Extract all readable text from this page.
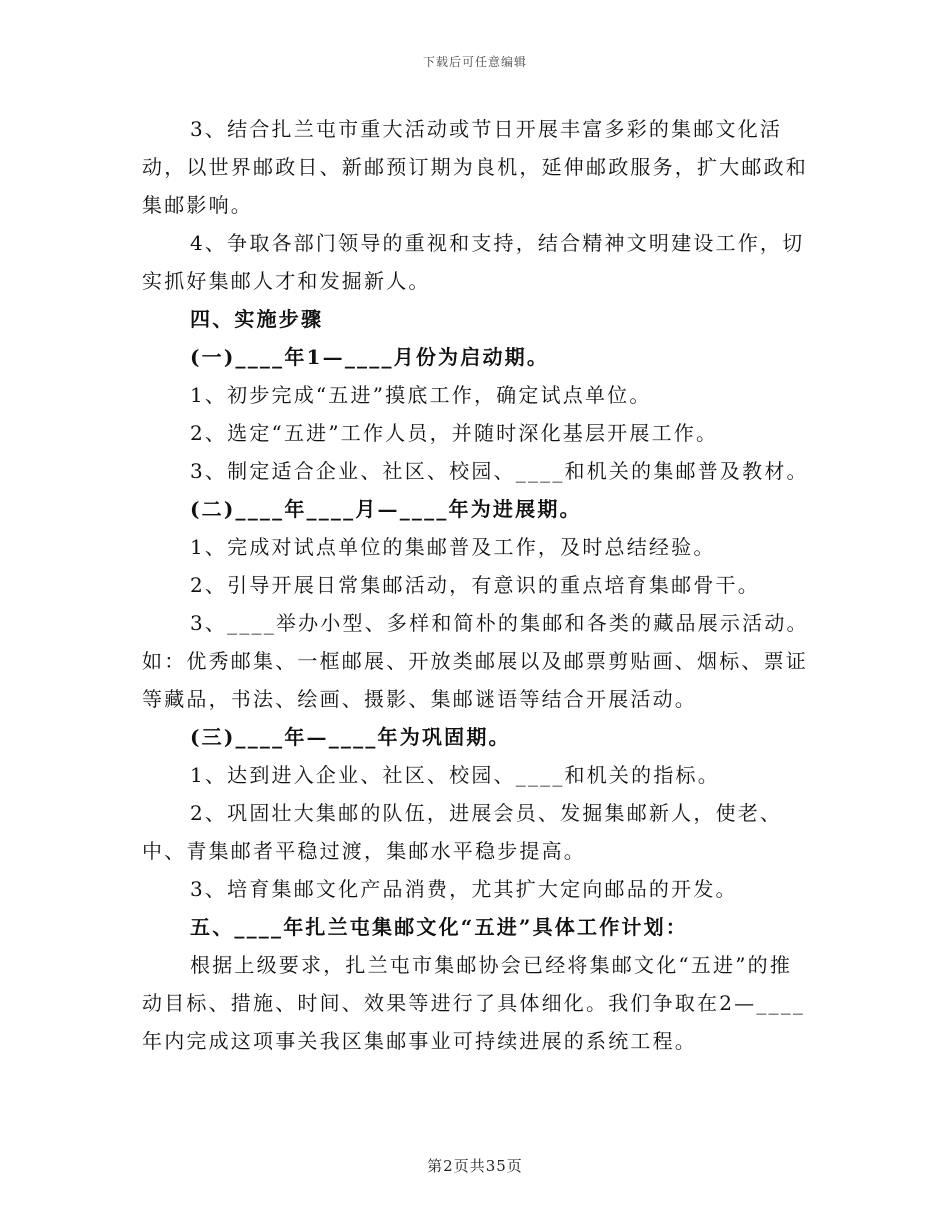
下载后可任意编辑

3、结合扎兰屯市重大活动或节日开展丰富多彩的集邮文化活动，以世界邮政日、新邮预订期为良机，延伸邮政服务，扩大邮政和集邮影响。

4、争取各部门领导的重视和支持，结合精神文明建设工作，切实抓好集邮人才和发掘新人。

四、实施步骤

(一)____年1—____月份为启动期。

1、初步完成“五进”摸底工作，确定试点单位。

2、选定“五进”工作人员，并随时深化基层开展工作。

3、制定适合企业、社区、校园、____和机关的集邮普及教材。

(二)____年____月—____年为进展期。

1、完成对试点单位的集邮普及工作，及时总结经验。

2、引导开展日常集邮活动，有意识的重点培育集邮骨干。

3、____举办小型、多样和简朴的集邮和各类的藏品展示活动。如：优秀邮集、一框邮展、开放类邮展以及邮票剪贴画、烟标、票证等藏品，书法、绘画、摄影、集邮谜语等结合开展活动。

(三)____年—____年为巩固期。

1、达到进入企业、社区、校园、____和机关的指标。

2、巩固壮大集邮的队伍，进展会员、发掘集邮新人，使老、中、青集邮者平稳过渡，集邮水平稳步提高。

3、培育集邮文化产品消费，尤其扩大定向邮品的开发。

五、____年扎兰屯集邮文化“五进”具体工作计划：

根据上级要求，扎兰屯市集邮协会已经将集邮文化“五进”的推动目标、措施、时间、效果等进行了具体细化。我们争取在2—____年内完成这项事关我区集邮事业可持续进展的系统工程。

第2页共35页
